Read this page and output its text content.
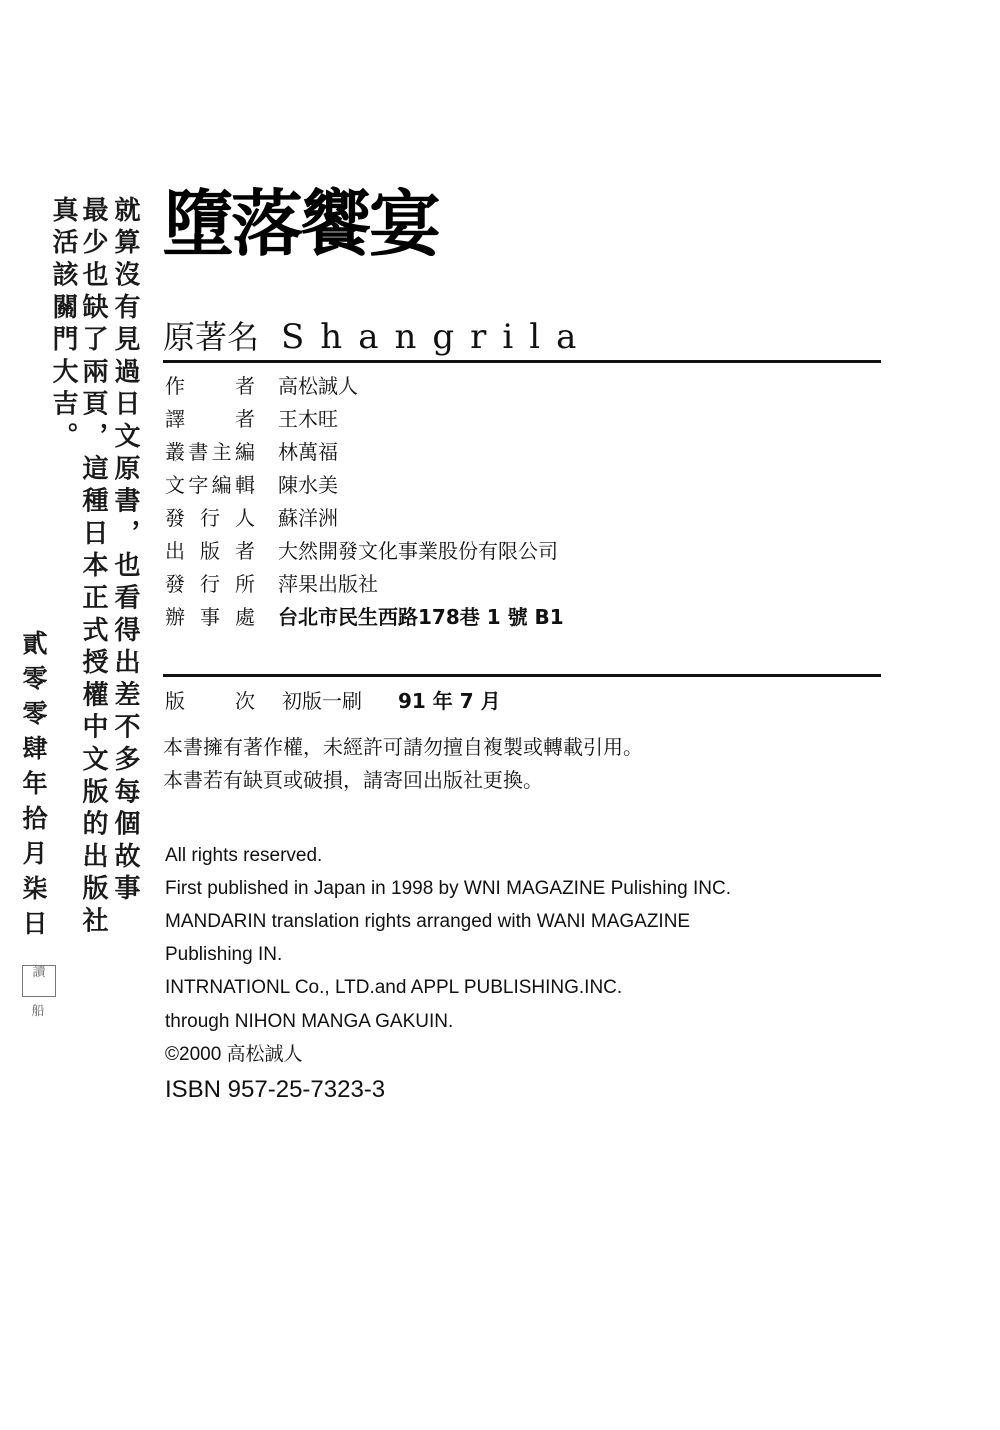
就算沒有見過日文原書，也看得出差不多每個故事
最少也缺了兩頁，這種日本正式授權中文版的出版社
真活該關門大吉。
貳零零肆年拾月柒日
讀
船
墮落饗宴
原著名 Shangrila
作　者 高松誠人
譯　者 王木旺
叢書主編 林萬福
文字編輯 陳水美
發行人 蘇洋洲
出版者 大然開發文化事業股份有限公司
發行所 萍果出版社
辦事處 台北市民生西路178巷 1 號 B1
版　次 初版一刷 91 年 7 月
本書擁有著作權，未經許可請勿擅自複製或轉載引用。
本書若有缺頁或破損，請寄回出版社更換。
All rights reserved.
First published in Japan in 1998 by WNI MAGAZINE Pulishing INC.
MANDARIN translation rights arranged with WANI MAGAZINE
Publishing IN.
INTRNATIONL Co., LTD.and APPL PUBLISHING.INC.
through NIHON MANGA GAKUIN.
©2000 高松誠人
ISBN 957-25-7323-3
